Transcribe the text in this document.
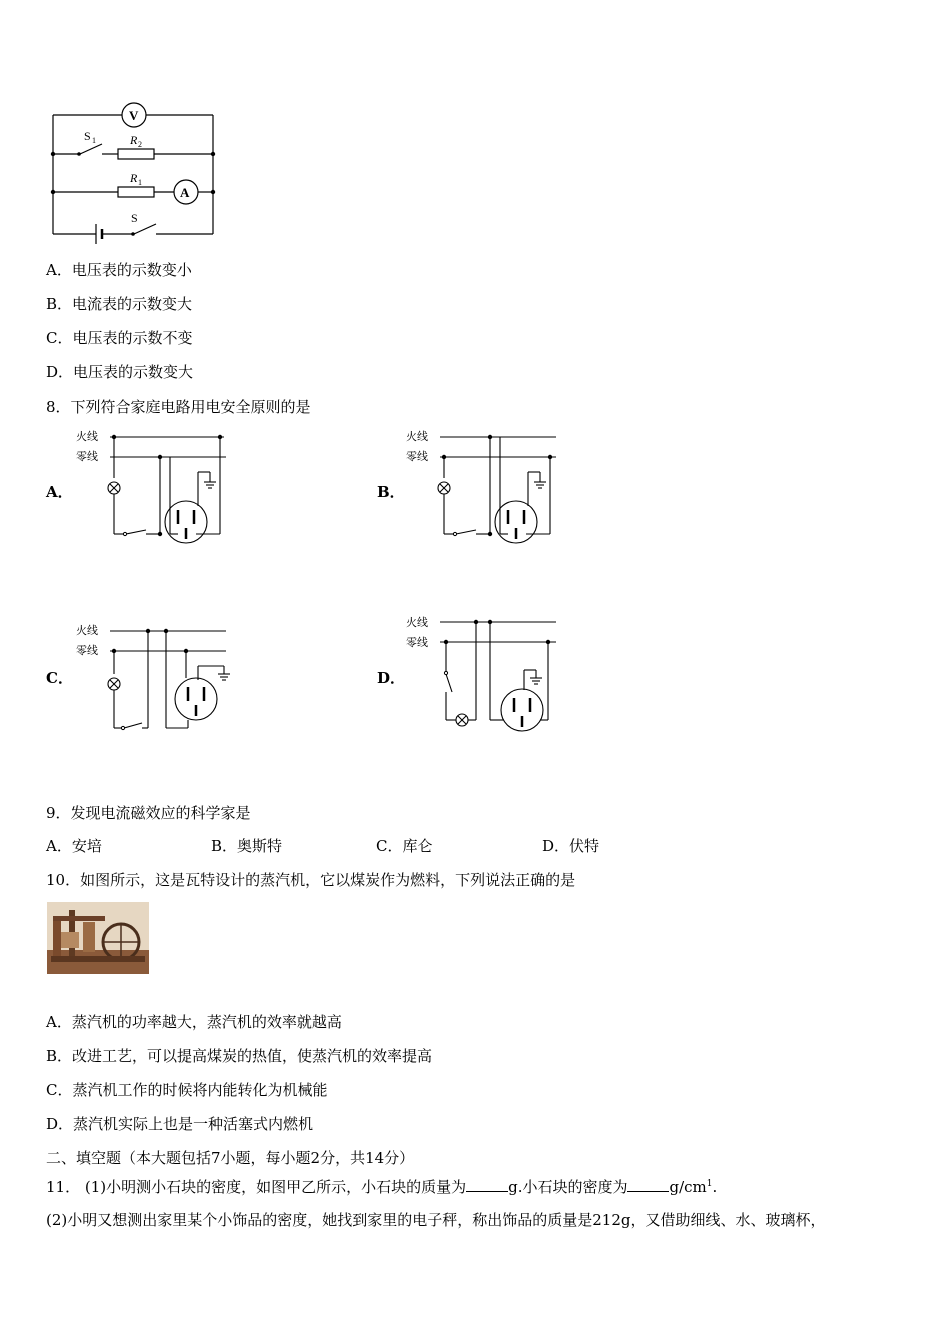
V
A
S 1	R 2
R 1
S
A．电压表的示数变小
B．电流表的示数变大
C．电压表的示数不变
D．电压表的示数变大
8．下列符合家庭电路用电安全原则的是
A．
火线
零线
B．
火线
零线
C．
火线
零线
D．
火线
零线
9．发现电流磁效应的科学家是
A．安培	B．奥斯特	C．库仑	D．伏特
10．如图所示，这是瓦特设计的蒸汽机，它以煤炭作为燃料，下列说法正确的是
A．蒸汽机的功率越大，蒸汽机的效率就越高
B．改进工艺，可以提高煤炭的热值，使蒸汽机的效率提高
C．蒸汽机工作的时候将内能转化为机械能
D．蒸汽机实际上也是一种活塞式内燃机
二、填空题（本大题包括7小题，每小题2分，共14分）
11． (1)小明测小石块的密度，如图甲乙所示，小石块的质量为	g.小石块的密度为	$g/cm^1$.
(2)小明又想测出家里某个小饰品的密度，她找到家里的电子秤，称出饰品的质量是212g，又借助细线、水、玻璃杯，
